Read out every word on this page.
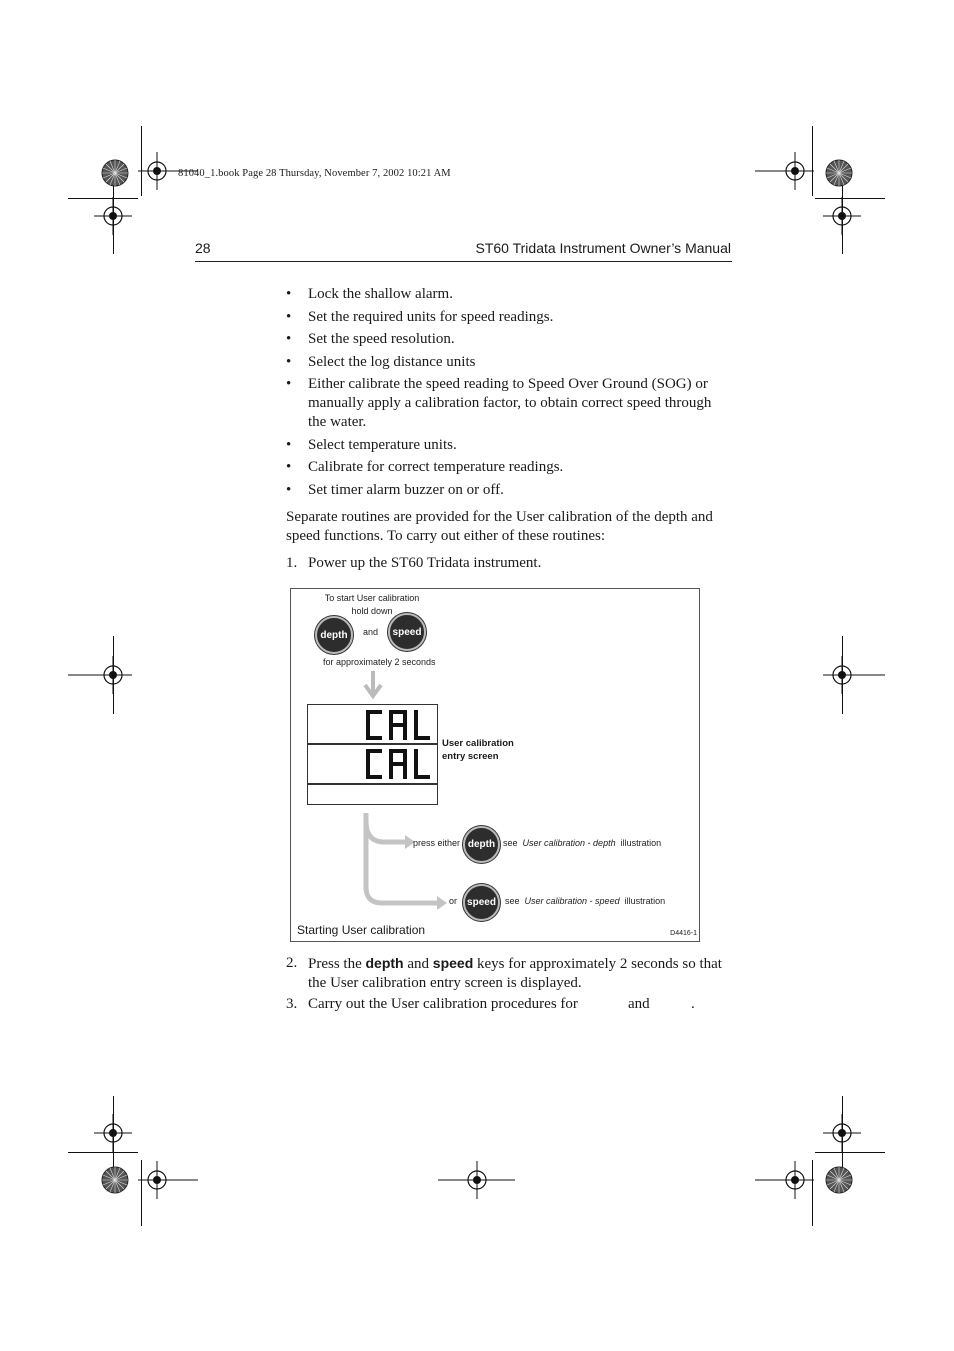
81040_1.book Page 28 Thursday, November 7, 2002 10:21 AM
28	ST60 Tridata Instrument Owner’s Manual
• Lock the shallow alarm.
• Set the required units for speed readings.
• Set the speed resolution.
• Select the log distance units
• Either calibrate the speed reading to Speed Over Ground (SOG) or manually apply a calibration factor, to obtain correct speed through the water.
• Select temperature units.
• Calibrate for correct temperature readings.
• Set timer alarm buzzer on or off.
Separate routines are provided for the User calibration of the depth and speed functions. To carry out either of these routines:
1. Power up the ST60 Tridata instrument.
To start User calibration
hold down
depth	and	speed
for approximately 2 seconds
User calibration
entry screen
press either depth see User calibration - depth illustration
or	speed	see User calibration - speed illustration
Starting User calibration	D4416-1
2. Press the depth and speed keys for approximately 2 seconds so that
the User calibration entry screen is displayed.
3. Carry out the User calibration procedures for	and	.
